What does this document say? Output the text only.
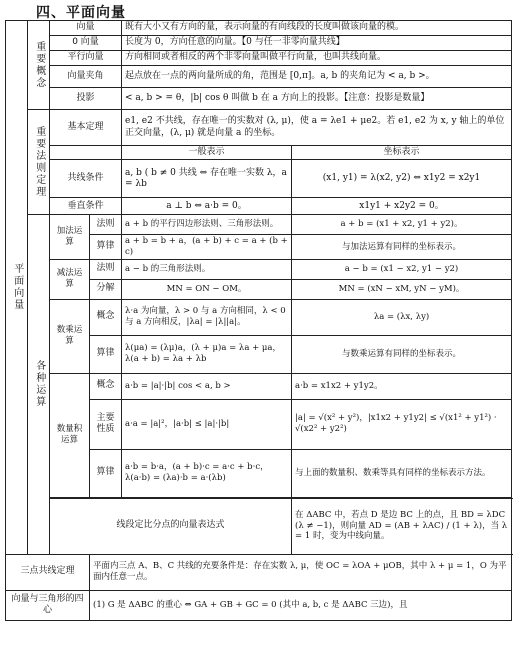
四、平面向量
平面向量	重要概念	向量		既有大小又有方向的量，表示向量的有向线段的长度叫做该向量的模。	
		0 向量		长度为 0，方向任意的向量。【0 与任一非零向量共线】	
		平行向量		方向相同或者相反的两个非零向量叫做平行向量，也叫共线向量。	
		向量夹角		起点放在一点的两向量所成的角，范围是 [0,π]。a, b 的夹角记为 < a, b >。	
		投影		< a, b > = θ，|b| cos θ 叫做 b 在 a 方向上的投影。【注意：投影是数量】	
	重要法则定理	基本定理		e1, e2 不共线，存在唯一的实数对 (λ, μ)，使 a = λe1 + μe2。若 e1, e2 为 x, y 轴上的单位正交向量，(λ, μ) 就是向量 a 的坐标。	
				一般表示	坐标表示
		共线条件		a, b ( b ≠ 0 共线 ⇔ 存在唯一实数 λ，a = λb	(x1, y1) = λ(x2, y2) ⇔ x1y2 = x2y1
		垂直条件		a ⊥ b ⇔ a·b = 0。	x1y1 + x2y2 = 0。
	各种运算	加法运算	法则	a + b 的平行四边形法则、三角形法则。	a + b = (x1 + x2, y1 + y2)。
			算律	a + b = b + a，(a + b) + c = a + (b + c)	与加法运算有同样的坐标表示。
		减法运算	法则	a − b 的三角形法则。	a − b = (x1 − x2, y1 − y2)
			分解	MN = ON − OM。	MN = (xN − xM, yN − yM)。
		数乘运算	概念	λ·a 为向量，λ > 0 与 a 方向相同，λ < 0 与 a 方向相反，|λa| = |λ||a|。	λa = (λx, λy)
			算律	λ(μa) = (λμ)a，(λ + μ)a = λa + μa，λ(a + b) = λa + λb	与数乘运算有同样的坐标表示。
		数量积运算	概念	a·b = |a|·|b| cos < a, b >	a·b = x1x2 + y1y2。
			主要性质	a·a = |a|²，|a·b| ≤ |a|·|b|	|a| = √(x² + y²)，|x1x2 + y1y2| ≤ √(x1² + y1²) · √(x2² + y2²)
			算律	a·b = b·a，(a + b)·c = a·c + b·c，λ(a·b) = (λa)·b = a·(λb)	与上面的数量积、数乘等具有同样的坐标表示方法。

		线段定比分点的向量表达式			在 ΔABC 中，若点 D 是边 BC 上的点，且 BD = λDC (λ ≠ −1)，则向量 AD = (AB + λAC) / (1 + λ)，当 λ = 1 时，变为中线向量。
三点共线定理			平面内三点 A、B、C 共线的充要条件是：存在实数 λ, μ，使 OC = λOA + μOB，其中 λ + μ = 1，O 为平面内任意一点。		
向量与三角形的四心			(1) G 是 ΔABC 的重心 ⇔ GA + GB + GC = 0 (其中 a, b, c 是 ΔABC 三边)，且		
